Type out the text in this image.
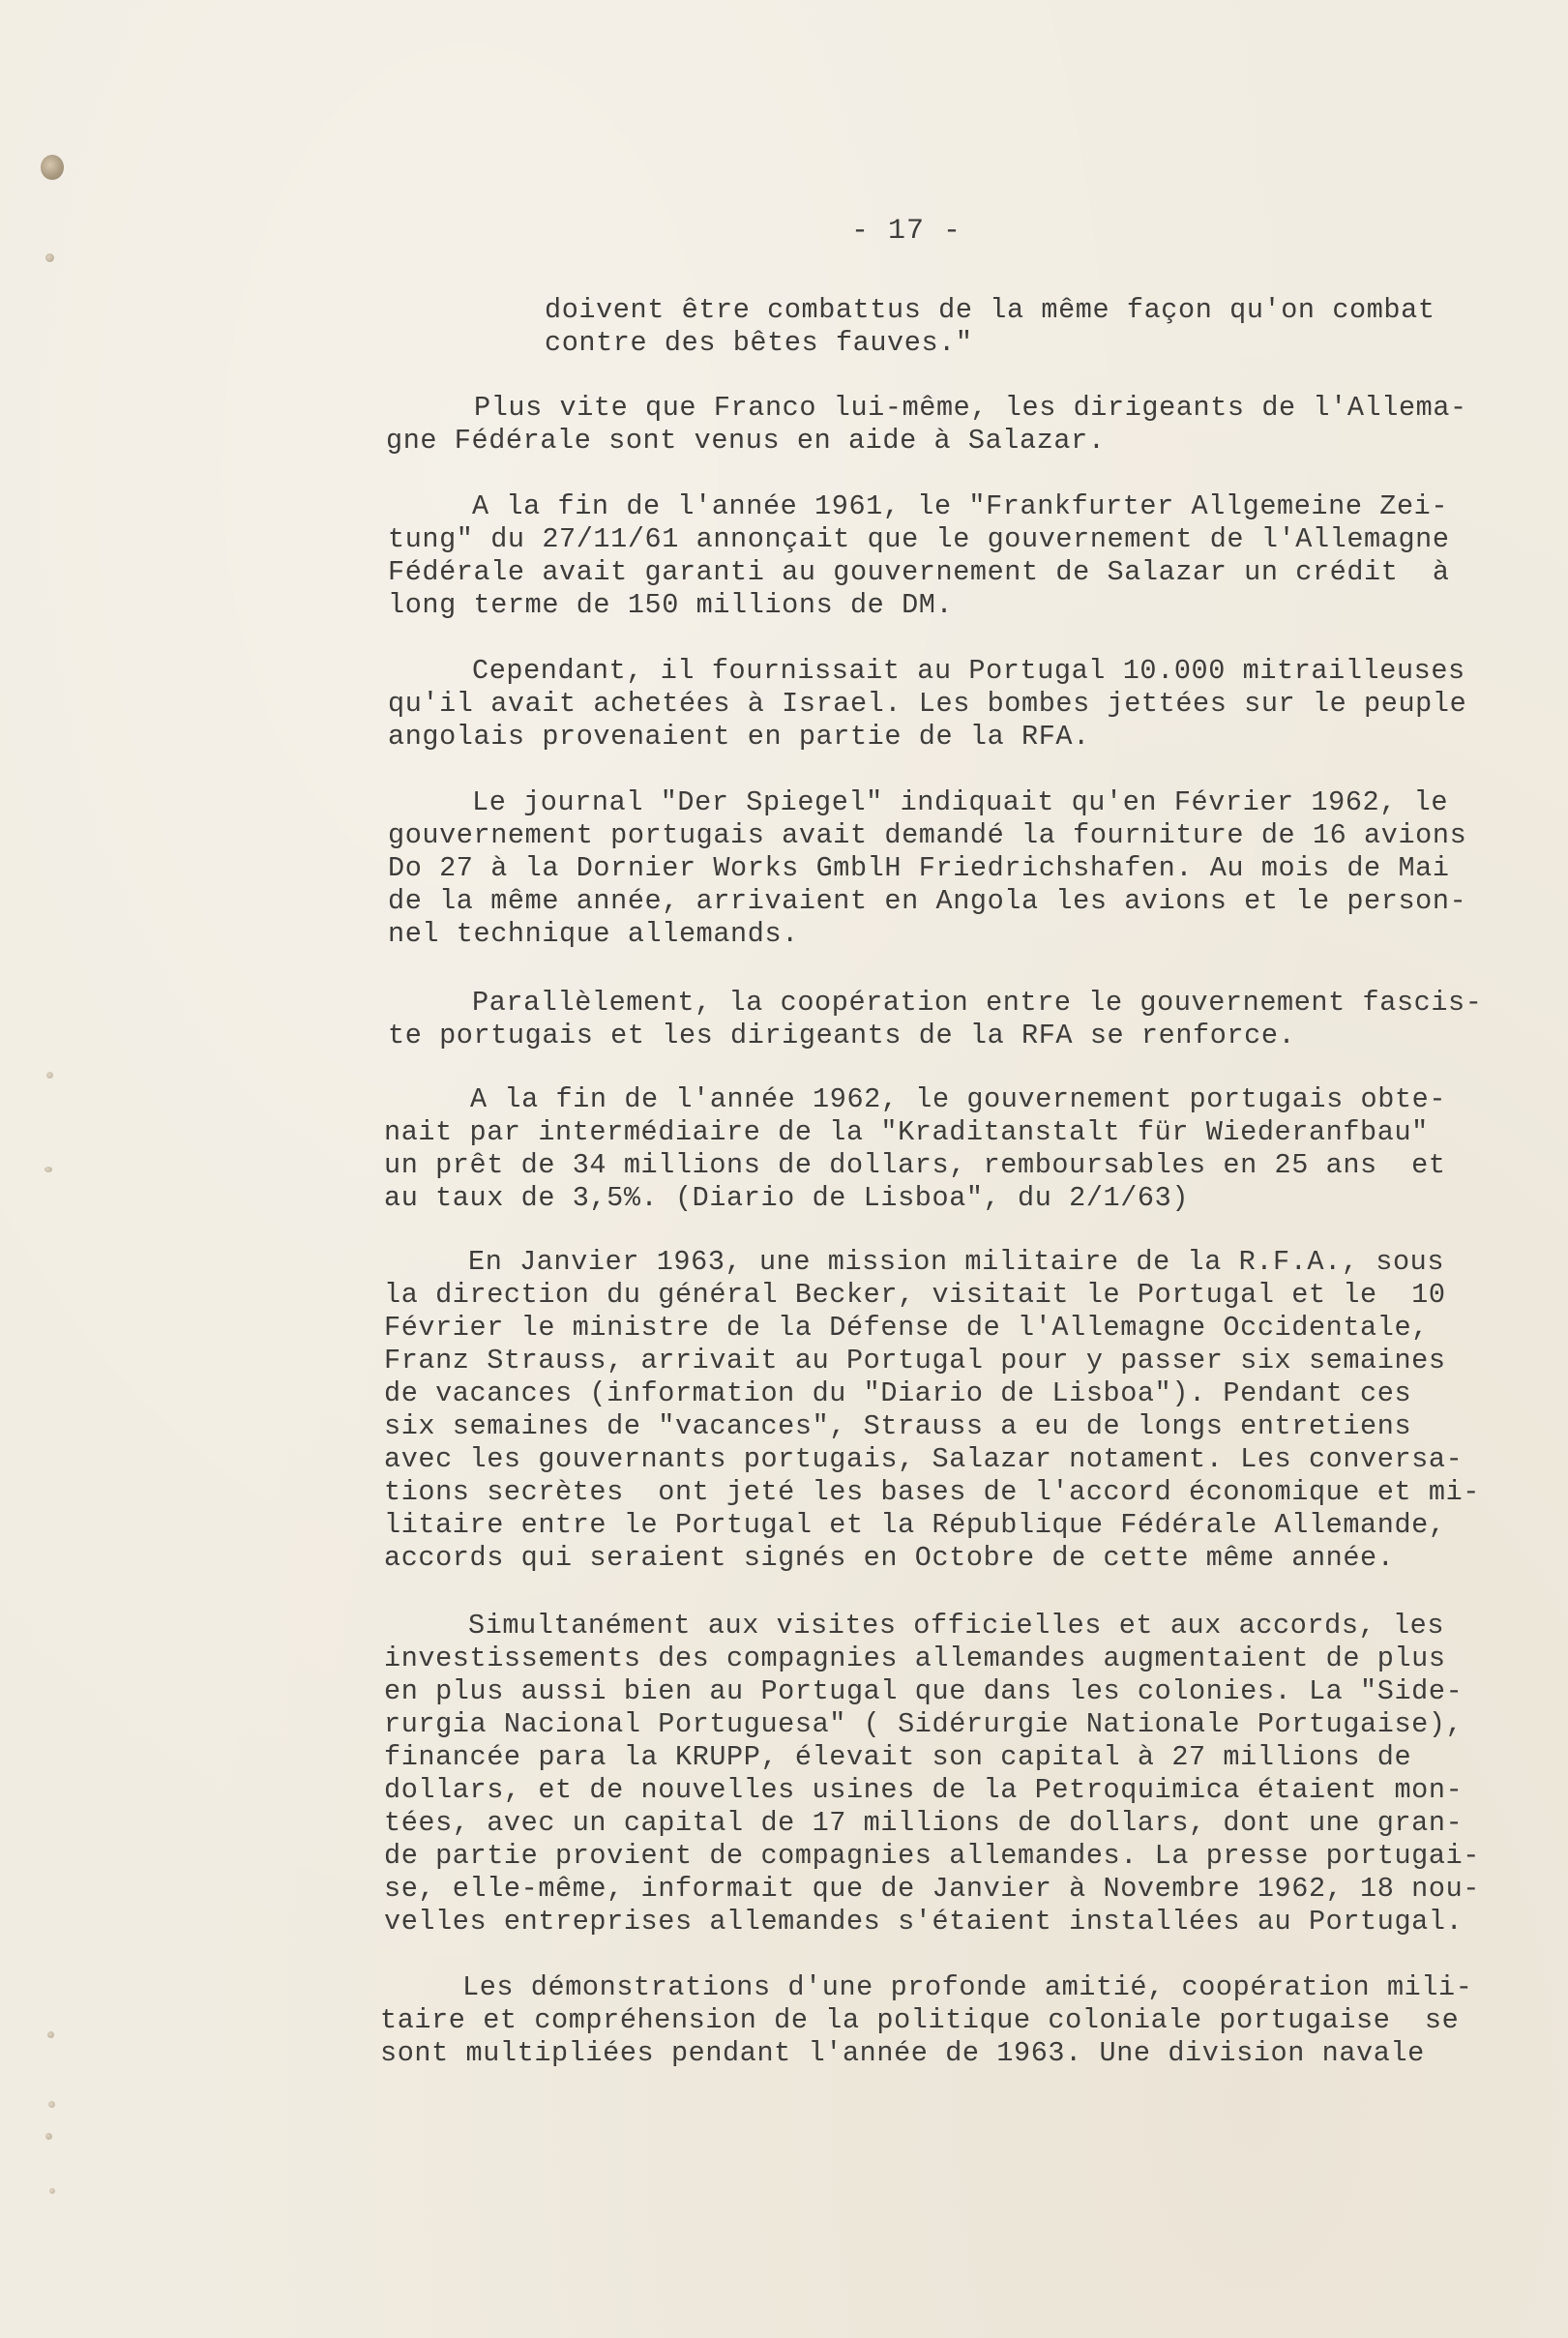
- 17 -
doivent être combattus de la même façon qu'on combat
contre des bêtes fauves."
Plus vite que Franco lui-même, les dirigeants de l'Allema-
gne Fédérale sont venus en aide à Salazar.
A la fin de l'année 1961, le "Frankfurter Allgemeine Zei-
tung" du 27/11/61 annonçait que le gouvernement de l'Allemagne
Fédérale avait garanti au gouvernement de Salazar un crédit  à
long terme de 150 millions de DM.
Cependant, il fournissait au Portugal 10.000 mitrailleuses
qu'il avait achetées à Israel. Les bombes jettées sur le peuple
angolais provenaient en partie de la RFA.
Le journal "Der Spiegel" indiquait qu'en Février 1962, le
gouvernement portugais avait demandé la fourniture de 16 avions
Do 27 à la Dornier Works GmblH Friedrichshafen. Au mois de Mai
de la même année, arrivaient en Angola les avions et le person-
nel technique allemands.
Parallèlement, la coopération entre le gouvernement fascis-
te portugais et les dirigeants de la RFA se renforce.
A la fin de l'année 1962, le gouvernement portugais obte-
nait par intermédiaire de la "Kraditanstalt für Wiederanfbau"
un prêt de 34 millions de dollars, remboursables en 25 ans  et
au taux de 3,5%. (Diario de Lisboa", du 2/1/63)
En Janvier 1963, une mission militaire de la R.F.A., sous
la direction du général Becker, visitait le Portugal et le  10
Février le ministre de la Défense de l'Allemagne Occidentale,
Franz Strauss, arrivait au Portugal pour y passer six semaines
de vacances (information du "Diario de Lisboa"). Pendant ces
six semaines de "vacances", Strauss a eu de longs entretiens
avec les gouvernants portugais, Salazar notament. Les conversa-
tions secrètes  ont jeté les bases de l'accord économique et mi-
litaire entre le Portugal et la République Fédérale Allemande,
accords qui seraient signés en Octobre de cette même année.
Simultanément aux visites officielles et aux accords, les
investissements des compagnies allemandes augmentaient de plus
en plus aussi bien au Portugal que dans les colonies. La "Side-
rurgia Nacional Portuguesa" ( Sidérurgie Nationale Portugaise),
financée para la KRUPP, élevait son capital à 27 millions de
dollars, et de nouvelles usines de la Petroquimica étaient mon-
tées, avec un capital de 17 millions de dollars, dont une gran-
de partie provient de compagnies allemandes. La presse portugai-
se, elle-même, informait que de Janvier à Novembre 1962, 18 nou-
velles entreprises allemandes s'étaient installées au Portugal.
Les démonstrations d'une profonde amitié, coopération mili-
taire et compréhension de la politique coloniale portugaise  se
sont multipliées pendant l'année de 1963. Une division navale
